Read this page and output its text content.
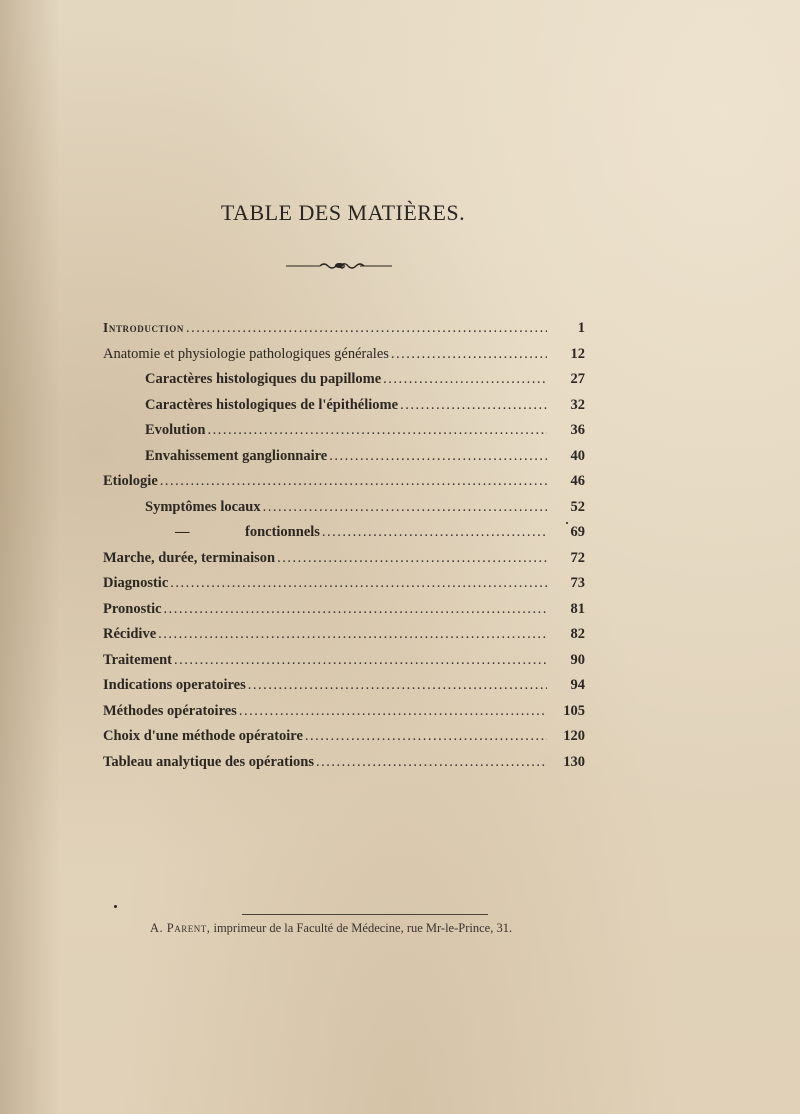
TABLE DES MATIÈRES.
Introduction .....	1
Anatomie et physiologie pathologiques générales .....	12
Caractères histologiques du papillome .....	27
Caractères histologiques de l'épithéliome .....	32
Evolution .....	36
Envahissement ganglionnaire .....	40
Etiologie .....	46
Symptômes locaux .....	52
—	fonctionnels .....	69
Marche, durée, terminaison .....	72
Diagnostic .....	73
Pronostic .....	81
Récidive .....	82
Traitement .....	90
Indications operatoires .....	94
Méthodes opératoires .....	105
Choix d'une méthode opératoire .....	120
Tableau analytique des opérations .....	130
A. Parent, imprimeur de la Faculté de Médecine, rue Mr-le-Prince, 31.
